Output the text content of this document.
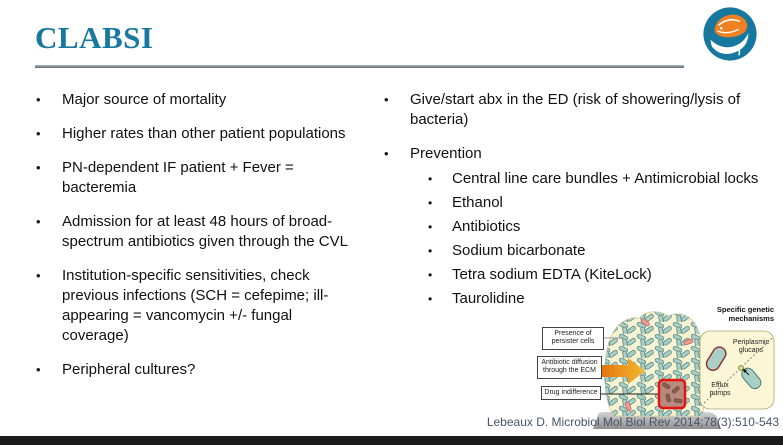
CLABSI
•	Major source of mortality
•	Higher rates than other patient populations
•	PN-dependent IF patient + Fever = bacteremia
•	Admission for at least 48 hours of broad-spectrum antibiotics given through the CVL
•	Institution-specific sensitivities, check previous infections (SCH = cefepime; ill-appearing = vancomycin +/- fungal coverage)
•	Peripheral cultures?
•	Give/start abx in the ED (risk of showering/lysis of bacteria)
•	Prevention
•	Central line care bundles + Antimicrobial locks
•	Ethanol
•	Antibiotics
•	Sodium bicarbonate
•	Tetra sodium EDTA (KiteLock)
•	Taurolidine
Presence of persister cells
Antibiotic diffusion through the ECM
Drug indifference
Specific genetic mechanisms
Periplasmic glucans
Efflux pumps
Lebeaux D. Microbiol Mol Biol Rev 2014;78(3):510-543
